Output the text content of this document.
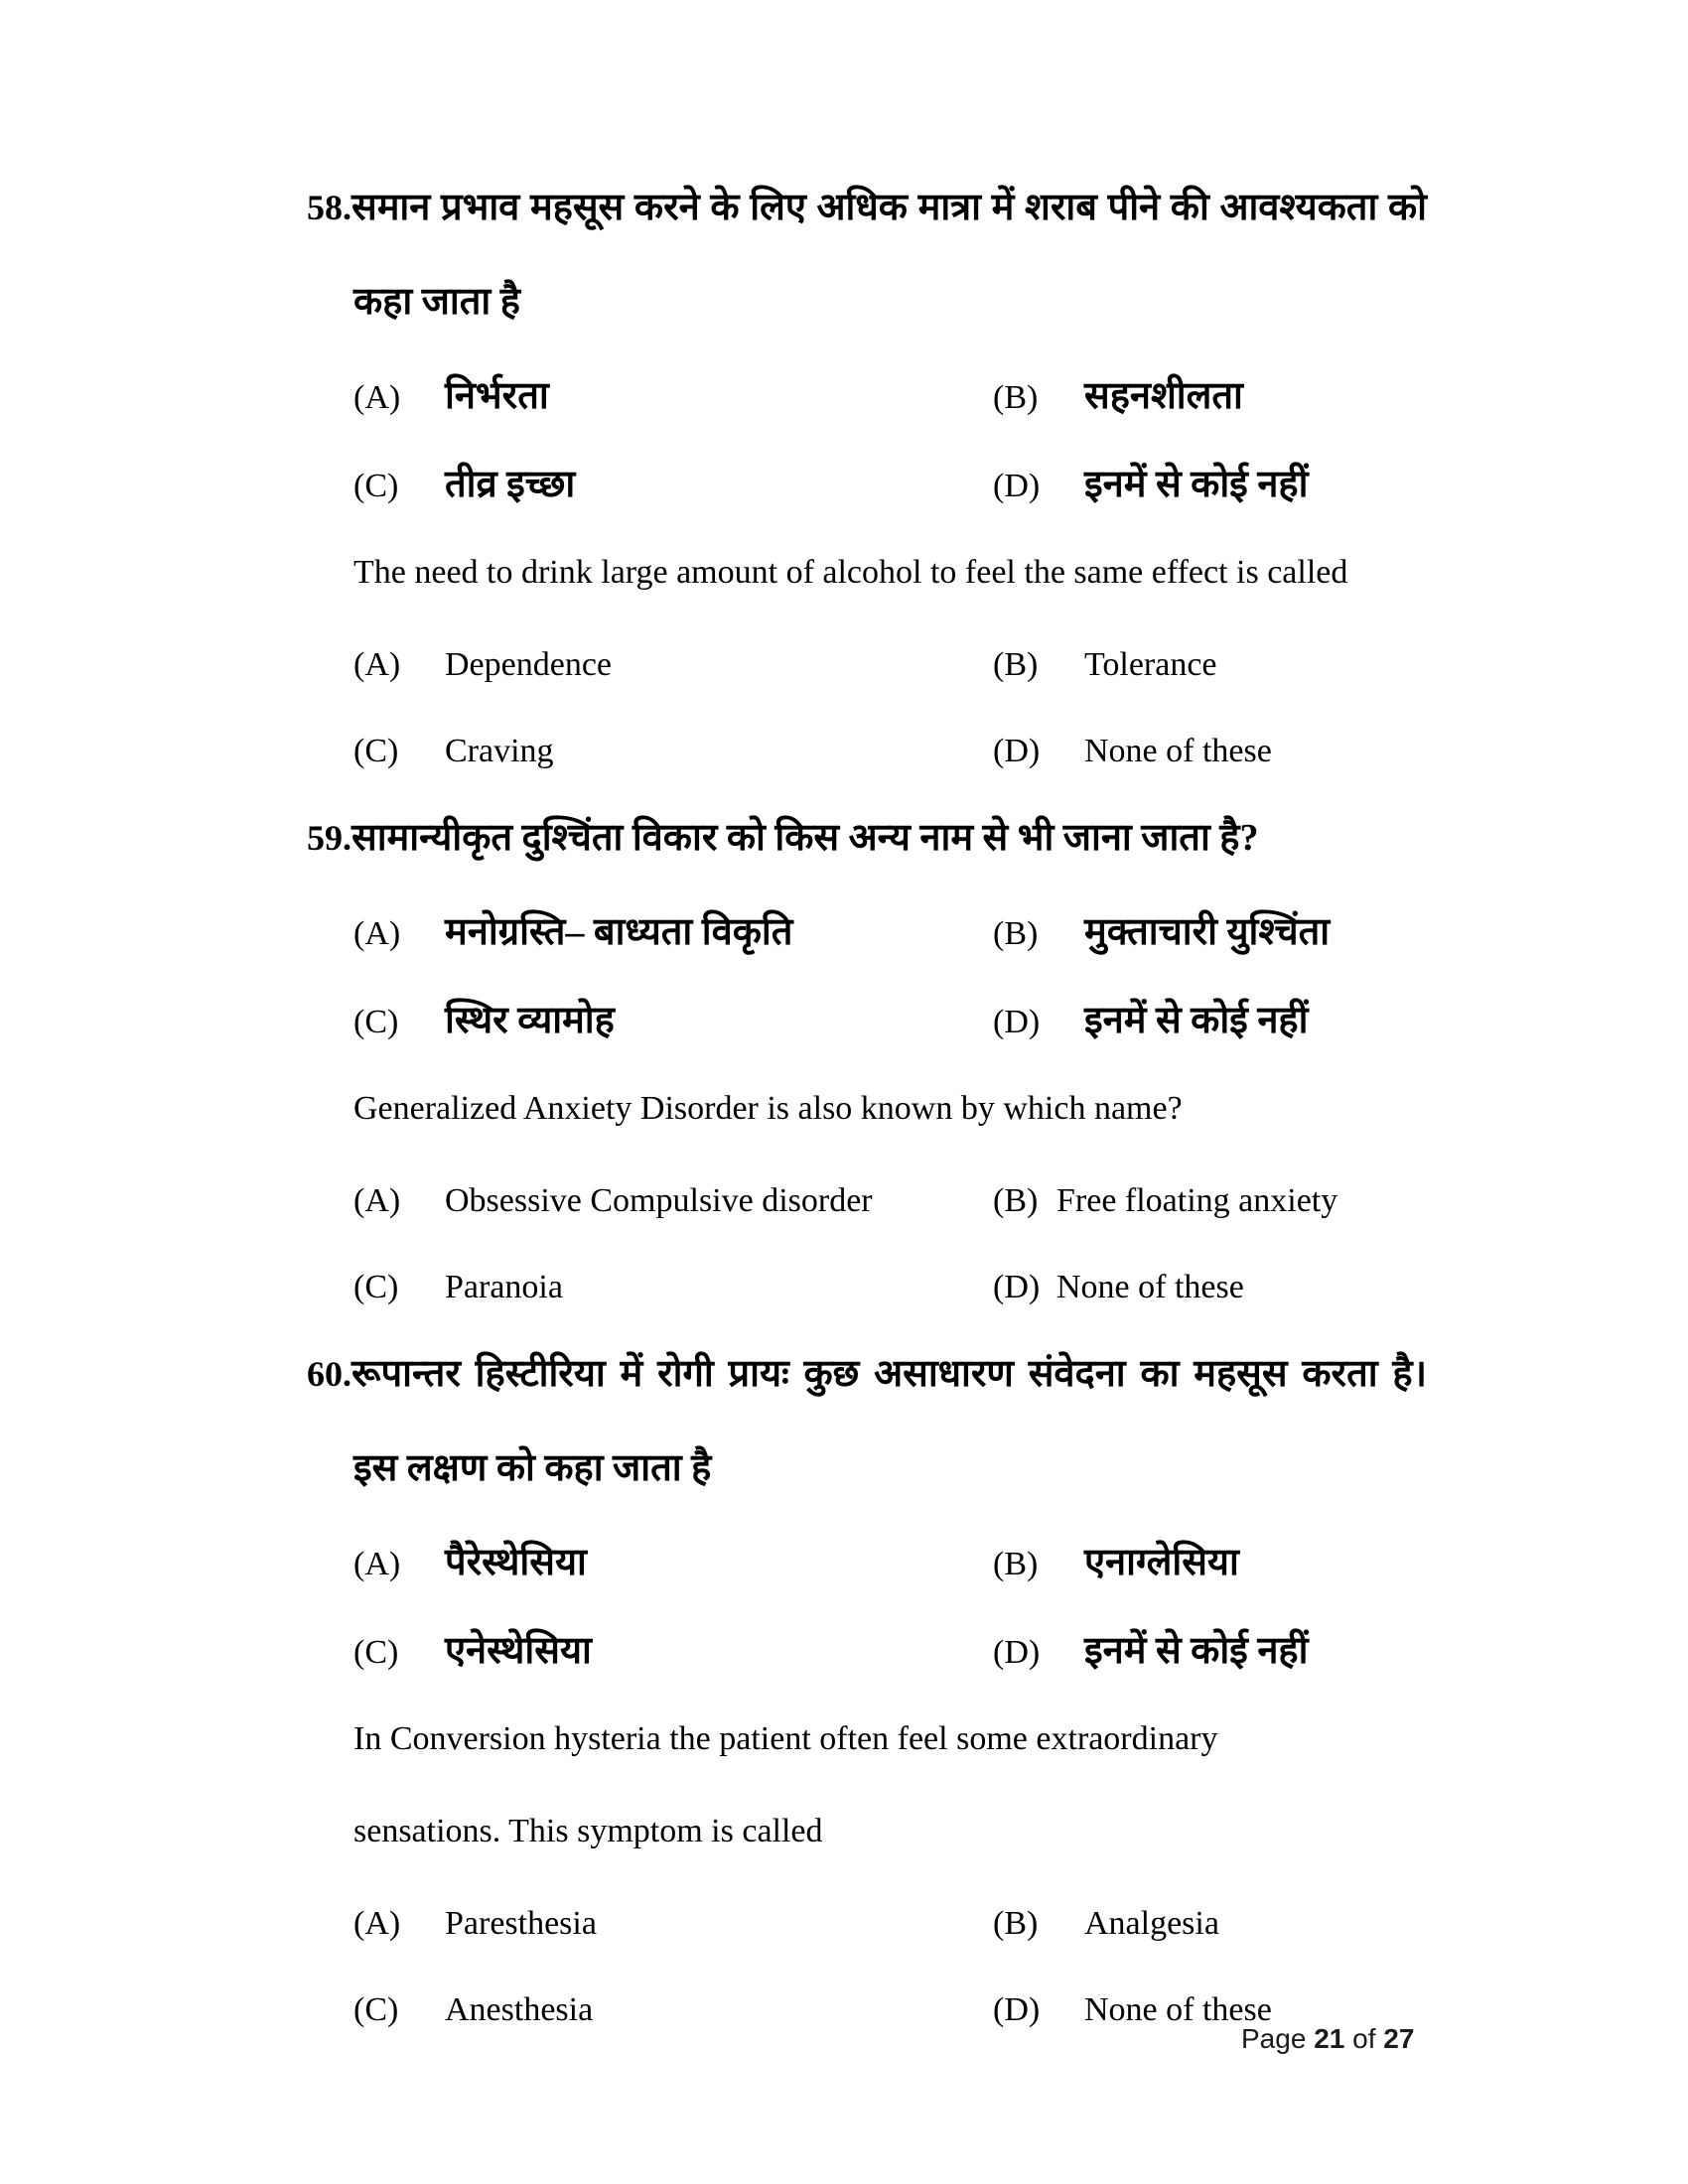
58.समान प्रभाव महसूस करने के लिए अधिक मात्रा में शराब पीने की आवश्यकता को
कहा जाता है
(A)	निर्भरता	(B)	सहनशीलता
(C)	तीव्र इच्छा	(D)	इनमें से कोई नहीं
The need to drink large amount of alcohol to feel the same effect is called
(A)	Dependence	(B)	Tolerance
(C)	Craving	(D)	None of these
59.सामान्यीकृत दुश्चिंता विकार को किस अन्य नाम से भी जाना जाता है?
(A)	मनोग्रस्ति– बाध्यता विकृति	(B)	मुक्ताचारी युश्चिंता
(C)	स्थिर व्यामोह	(D)	इनमें से कोई नहीं
Generalized Anxiety Disorder is also known by which name?
(A)	Obsessive Compulsive disorder	(B) Free floating anxiety
(C)	Paranoia	(D) None of these
60.रूपान्तर हिस्टीरिया में रोगी प्रायः कुछ असाधारण संवेदना का महसूस करता है।
इस लक्षण को कहा जाता है
(A)	पैरेस्थेसिया	(B)	एनाग्लेसिया
(C)	एनेस्थेसिया	(D)	इनमें से कोई नहीं
In Conversion hysteria the patient often feel some extraordinary
sensations. This symptom is called
(A)	Paresthesia	(B)	Analgesia
(C)	Anesthesia	(D)	None of these
Page 21 of 27
